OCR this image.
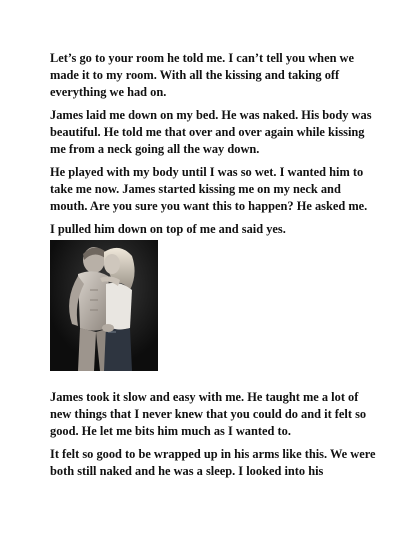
Let’s go to your room he told me. I can’t tell you when we made it to my room. With all the kissing and taking off everything we had on.

James laid me down on my bed. He was naked. His body was beautiful. He told me that over and over again while kissing me from a neck going all the way down.

He played with my body until I was so wet. I wanted him to take me now. James started kissing me on my neck and mouth. Are you sure you want this to happen? He asked me.

I pulled him down on top of me and said yes.

James took it slow and easy with me. He taught me a lot of new things that I never knew that you could do and it felt so good. He let me bits him much as I wanted to.

It felt so good to be wrapped up in his arms like this. We were both still naked and he was a sleep. I looked into his
